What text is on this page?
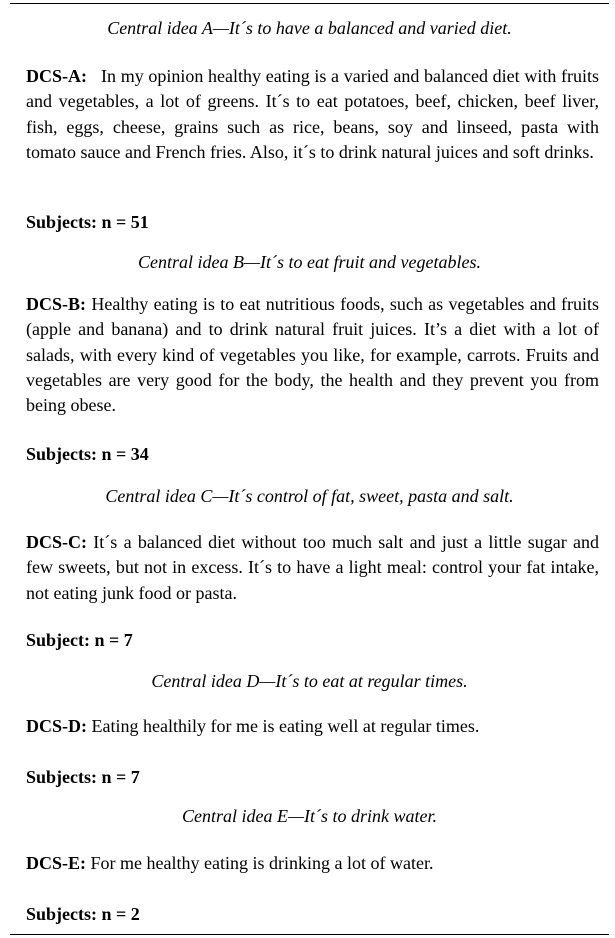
Central idea A—It´s to have a balanced and varied diet.
DCS-A: In my opinion healthy eating is a varied and balanced diet with fruits and vegetables, a lot of greens. It´s to eat potatoes, beef, chicken, beef liver, fish, eggs, cheese, grains such as rice, beans, soy and linseed, pasta with tomato sauce and French fries. Also, it´s to drink natural juices and soft drinks.
Subjects: n = 51
Central idea B—It´s to eat fruit and vegetables.
DCS-B: Healthy eating is to eat nutritious foods, such as vegetables and fruits (apple and banana) and to drink natural fruit juices. It’s a diet with a lot of salads, with every kind of vegetables you like, for example, carrots. Fruits and vegetables are very good for the body, the health and they prevent you from being obese.
Subjects: n = 34
Central idea C—It´s control of fat, sweet, pasta and salt.
DCS-C: It´s a balanced diet without too much salt and just a little sugar and few sweets, but not in excess. It´s to have a light meal: control your fat intake, not eating junk food or pasta.
Subject: n = 7
Central idea D—It´s to eat at regular times.
DCS-D: Eating healthily for me is eating well at regular times.
Subjects: n = 7
Central idea E—It´s to drink water.
DCS-E: For me healthy eating is drinking a lot of water.
Subjects: n = 2
